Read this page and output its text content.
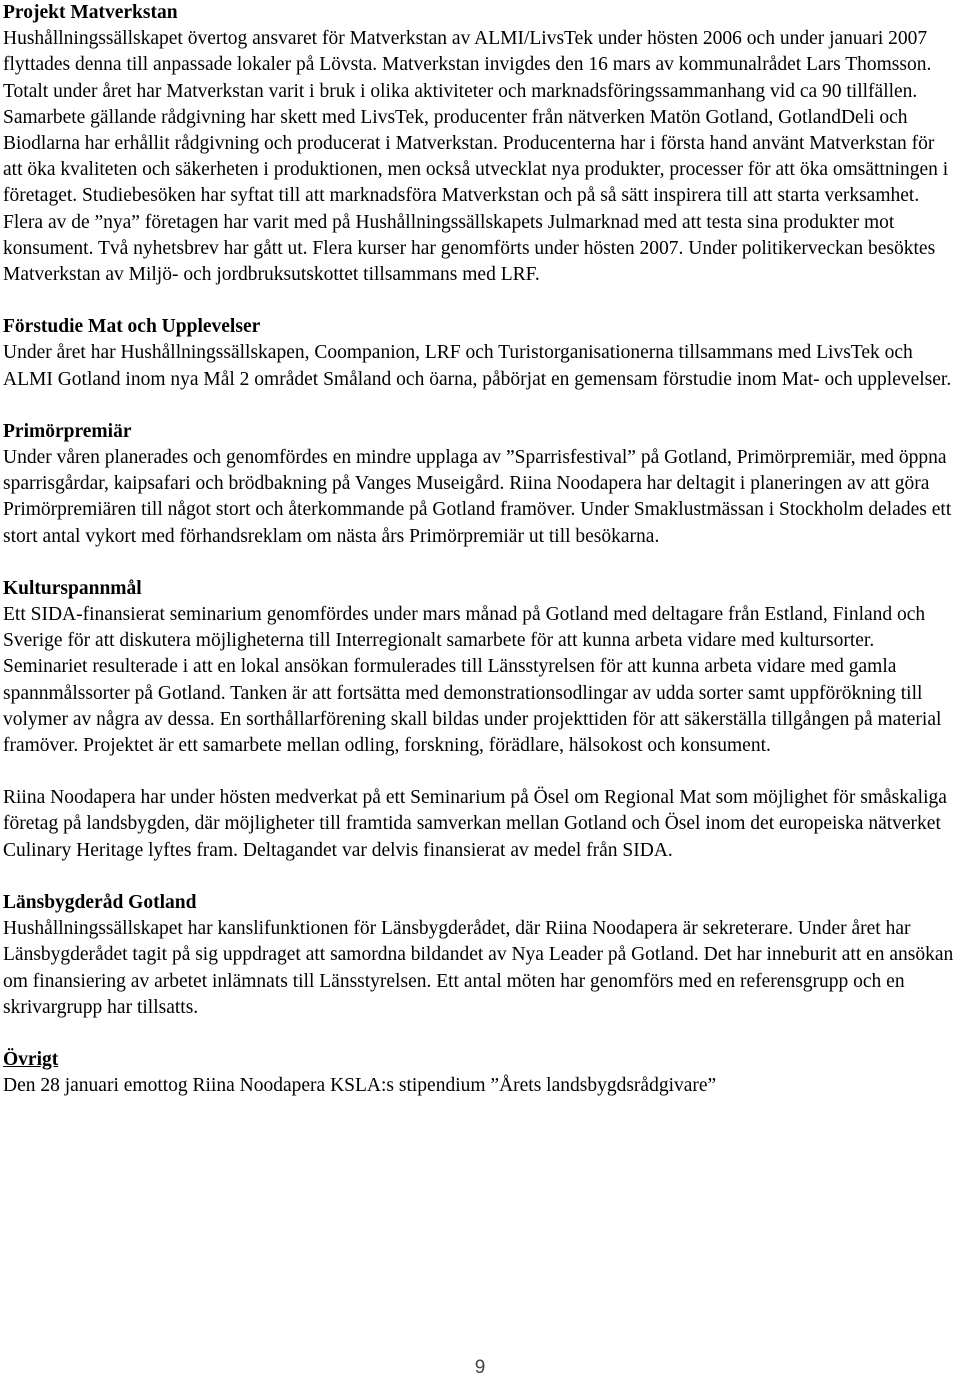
Projekt Matverkstan

Hushållningssällskapet övertog ansvaret för Matverkstan av ALMI/LivsTek under hösten 2006 och under januari 2007 flyttades denna till anpassade lokaler på Lövsta. Matverkstan invigdes den 16 mars av kommunalrådet Lars Thomsson. Totalt under året har Matverkstan varit i bruk i olika aktiviteter och marknadsföringssammanhang vid ca 90 tillfällen. Samarbete gällande rådgivning har skett med LivsTek, producenter från nätverken Matön Gotland, GotlandDeli och Biodlarna har erhållit rådgivning och producerat i Matverkstan. Producenterna har i första hand använt Matverkstan för att öka kvaliteten och säkerheten i produktionen, men också utvecklat nya produkter, processer för att öka omsättningen i företaget. Studiebesöken har syftat till att marknadsföra Matverkstan och på så sätt inspirera till att starta verksamhet. Flera av de ”nya” företagen har varit med på Hushållningssällskapets Julmarknad med att testa sina produkter mot konsument. Två nyhetsbrev har gått ut. Flera kurser har genomförts under hösten 2007. Under politikerveckan besöktes Matverkstan av Miljö- och jordbruksutskottet tillsammans med LRF.

Förstudie Mat och Upplevelser

Under året har Hushållningssällskapen, Coompanion, LRF och Turistorganisationerna tillsammans med LivsTek och ALMI Gotland inom nya Mål 2 området Småland och öarna, påbörjat en gemensam förstudie inom Mat- och upplevelser.

Primörpremiär

Under våren planerades och genomfördes en mindre upplaga av ”Sparrisfestival” på Gotland, Primörpremiär, med öppna sparrisgårdar, kaipsafari och brödbakning på Vanges Museigård. Riina Noodapera har deltagit i planeringen av att göra Primörpremiären till något stort och återkommande på Gotland framöver. Under Smaklustmässan i Stockholm delades ett stort antal vykort med förhandsreklam om nästa års Primörpremiär ut till besökarna.

Kulturspannmål

Ett SIDA-finansierat seminarium genomfördes under mars månad på Gotland med deltagare från Estland, Finland och Sverige för att diskutera möjligheterna till Interregionalt samarbete för att kunna arbeta vidare med kultursorter.

Seminariet resulterade i att en lokal ansökan formulerades till Länsstyrelsen för att kunna arbeta vidare med gamla spannmålssorter på Gotland. Tanken är att fortsätta med demonstrationsodlingar av udda sorter samt uppförökning till volymer av några av dessa. En sorthållarförening skall bildas under projekttiden för att säkerställa tillgången på material framöver. Projektet är ett samarbete mellan odling, forskning, förädlare, hälsokost och konsument.

Riina Noodapera har under hösten medverkat på ett Seminarium på Ösel om Regional Mat som möjlighet för småskaliga företag på landsbygden, där möjligheter till framtida samverkan mellan Gotland och Ösel inom det europeiska nätverket Culinary Heritage lyftes fram. Deltagandet var delvis finansierat av medel från SIDA.

Länsbygderåd Gotland

Hushållningssällskapet har kanslifunktionen för Länsbygderådet, där Riina Noodapera är sekreterare. Under året har Länsbygderådet tagit på sig uppdraget att samordna bildandet av Nya Leader på Gotland. Det har inneburit att en ansökan om finansiering av arbetet inlämnats till Länsstyrelsen. Ett antal möten har genomförs med en referensgrupp och en skrivargrupp har tillsatts.

Övrigt

Den 28 januari emottog Riina Noodapera KSLA:s stipendium ”Årets landsbygdsrådgivare”

9
